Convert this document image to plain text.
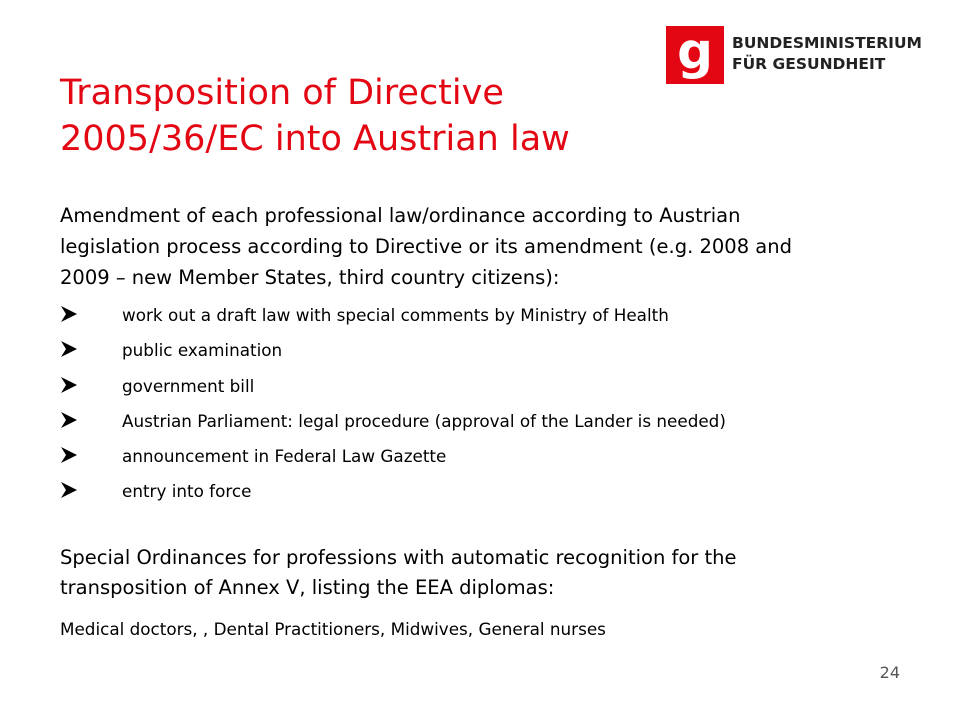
g BUNDESMINISTERIUM
FÜR GESUNDHEIT
Transposition of Directive
2005/36/EC into Austrian law

Amendment of each professional law/ordinance according to Austrian
legislation process according to Directive or its amendment (e.g. 2008 and
2009 – new Member States, third country citizens):

work out a draft law with special comments by Ministry of Health
public examination
government bill
Austrian Parliament: legal procedure (approval of the Lander is needed)
announcement in Federal Law Gazette
entry into force

Special Ordinances for professions with automatic recognition for the
transposition of Annex V, listing the EEA diplomas:

Medical doctors, , Dental Practitioners, Midwives, General nurses

24
